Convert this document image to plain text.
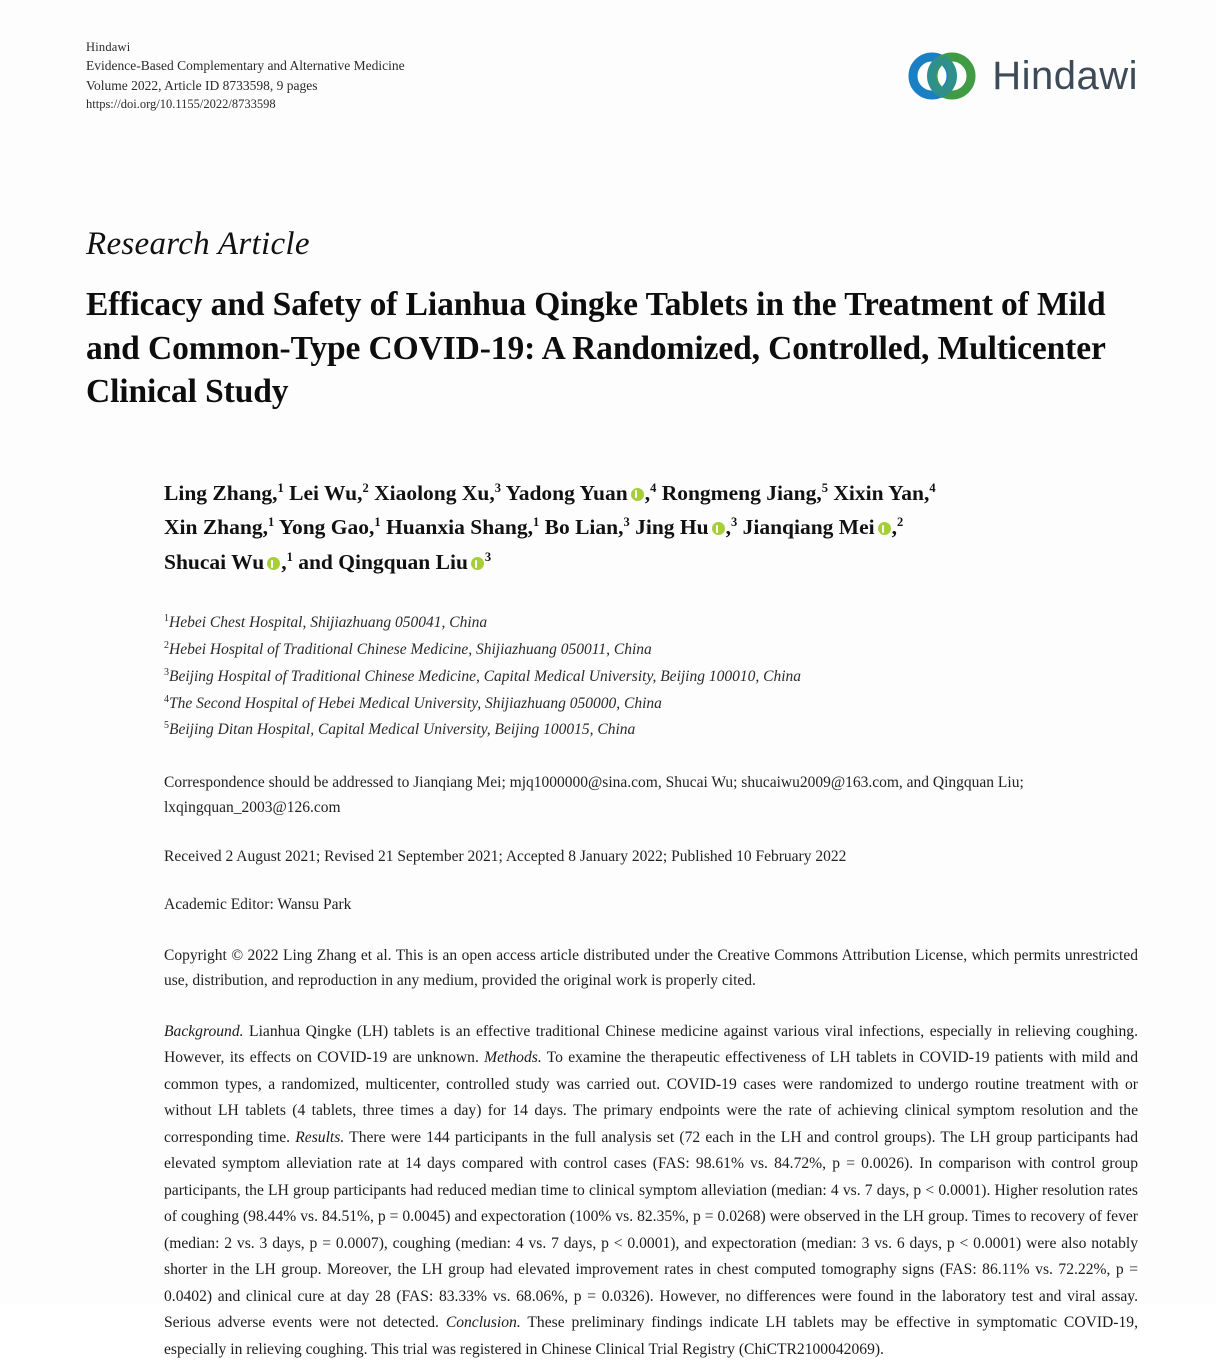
Hindawi
Evidence-Based Complementary and Alternative Medicine
Volume 2022, Article ID 8733598, 9 pages
https://doi.org/10.1155/2022/8733598
Hindawi
Research Article
Efficacy and Safety of Lianhua Qingke Tablets in the Treatment of Mild and Common-Type COVID-19: A Randomized, Controlled, Multicenter Clinical Study
Ling Zhang,$^1$ Lei Wu,$^2$ Xiaolong Xu,$^3$ Yadong Yuan ,$^4$ Rongmeng Jiang,$^5$ Xixin Yan,$^4$
Xin Zhang,$^1$ Yong Gao,$^1$ Huanxia Shang,$^1$ Bo Lian,$^3$ Jing Hu ,$^3$ Jianqiang Mei ,$^2$
Shucai Wu ,$^1$ and Qingquan Liu $^3$
$^1$Hebei Chest Hospital, Shijiazhuang 050041, China
$^2$Hebei Hospital of Traditional Chinese Medicine, Shijiazhuang 050011, China
$^3$Beijing Hospital of Traditional Chinese Medicine, Capital Medical University, Beijing 100010, China
$^4$The Second Hospital of Hebei Medical University, Shijiazhuang 050000, China
$^5$Beijing Ditan Hospital, Capital Medical University, Beijing 100015, China
Correspondence should be addressed to Jianqiang Mei; mjq1000000@sina.com, Shucai Wu; shucaiwu2009@163.com, and Qingquan Liu; lxqingquan_2003@126.com
Received 2 August 2021; Revised 21 September 2021; Accepted 8 January 2022; Published 10 February 2022
Academic Editor: Wansu Park
Copyright © 2022 Ling Zhang et al. This is an open access article distributed under the Creative Commons Attribution License, which permits unrestricted use, distribution, and reproduction in any medium, provided the original work is properly cited.
Background. Lianhua Qingke (LH) tablets is an effective traditional Chinese medicine against various viral infections, especially in relieving coughing. However, its effects on COVID-19 are unknown. Methods. To examine the therapeutic effectiveness of LH tablets in COVID-19 patients with mild and common types, a randomized, multicenter, controlled study was carried out. COVID-19 cases were randomized to undergo routine treatment with or without LH tablets (4 tablets, three times a day) for 14 days. The primary endpoints were the rate of achieving clinical symptom resolution and the corresponding time. Results. There were 144 participants in the full analysis set (72 each in the LH and control groups). The LH group participants had elevated symptom alleviation rate at 14 days compared with control cases (FAS: 98.61% vs. 84.72%, p = 0.0026). In comparison with control group participants, the LH group participants had reduced median time to clinical symptom alleviation (median: 4 vs. 7 days, p < 0.0001). Higher resolution rates of coughing (98.44% vs. 84.51%, p = 0.0045) and expectoration (100% vs. 82.35%, p = 0.0268) were observed in the LH group. Times to recovery of fever (median: 2 vs. 3 days, p = 0.0007), coughing (median: 4 vs. 7 days, p < 0.0001), and expectoration (median: 3 vs. 6 days, p < 0.0001) were also notably shorter in the LH group. Moreover, the LH group had elevated improvement rates in chest computed tomography signs (FAS: 86.11% vs. 72.22%, p = 0.0402) and clinical cure at day 28 (FAS: 83.33% vs. 68.06%, p = 0.0326). However, no differences were found in the laboratory test and viral assay. Serious adverse events were not detected. Conclusion. These preliminary findings indicate LH tablets may be effective in symptomatic COVID-19, especially in relieving coughing. This trial was registered in Chinese Clinical Trial Registry (ChiCTR2100042069).
